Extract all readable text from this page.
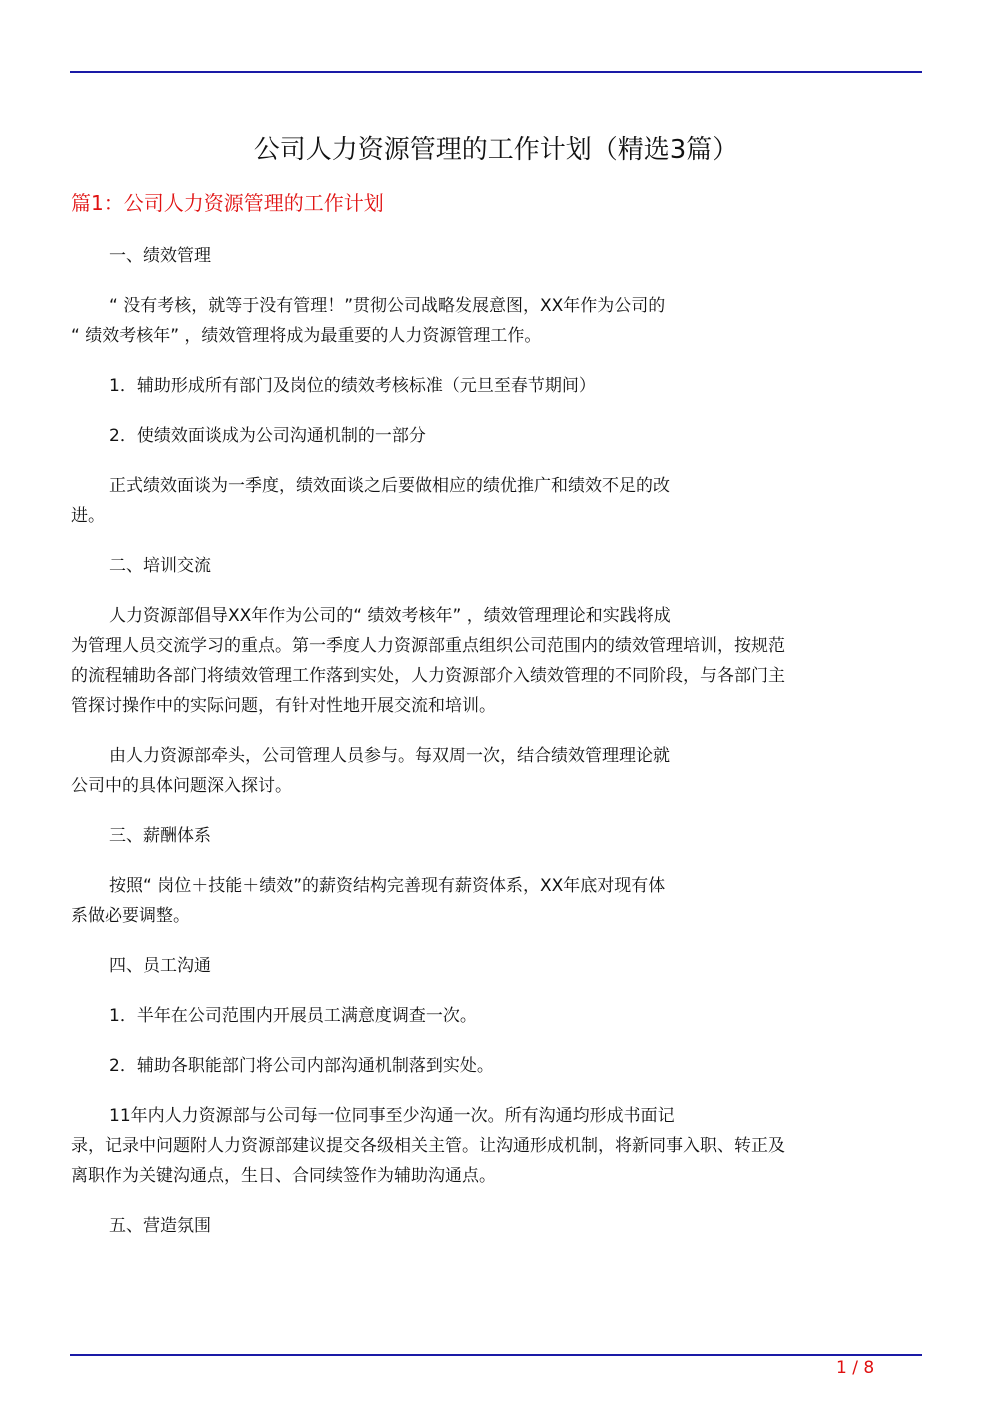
公司人力资源管理的工作计划（精选3篇）
篇1：公司人力资源管理的工作计划
一、绩效管理
“ 没有考核，就等于没有管理！”贯彻公司战略发展意图，XX年作为公司的
“ 绩效考核年” ，绩效管理将成为最重要的人力资源管理工作。
1．辅助形成所有部门及岗位的绩效考核标准（元旦至春节期间）
2．使绩效面谈成为公司沟通机制的一部分
正式绩效面谈为一季度，绩效面谈之后要做相应的绩优推广和绩效不足的改
进。
二、培训交流
人力资源部倡导XX年作为公司的“ 绩效考核年” ，绩效管理理论和实践将成
为管理人员交流学习的重点。第一季度人力资源部重点组织公司范围内的绩效管理培训，按规范
的流程辅助各部门将绩效管理工作落到实处，人力资源部介入绩效管理的不同阶段，与各部门主
管探讨操作中的实际问题，有针对性地开展交流和培训。
由人力资源部牵头，公司管理人员参与。每双周一次，结合绩效管理理论就
公司中的具体问题深入探讨。
三、薪酬体系
按照“ 岗位＋技能＋绩效”的薪资结构完善现有薪资体系，XX年底对现有体
系做必要调整。
四、员工沟通
1．半年在公司范围内开展员工满意度调查一次。
2．辅助各职能部门将公司内部沟通机制落到实处。
11年内人力资源部与公司每一位同事至少沟通一次。所有沟通均形成书面记
录，记录中问题附人力资源部建议提交各级相关主管。让沟通形成机制，将新同事入职、转正及
离职作为关键沟通点，生日、合同续签作为辅助沟通点。
五、营造氛围
1 / 8
